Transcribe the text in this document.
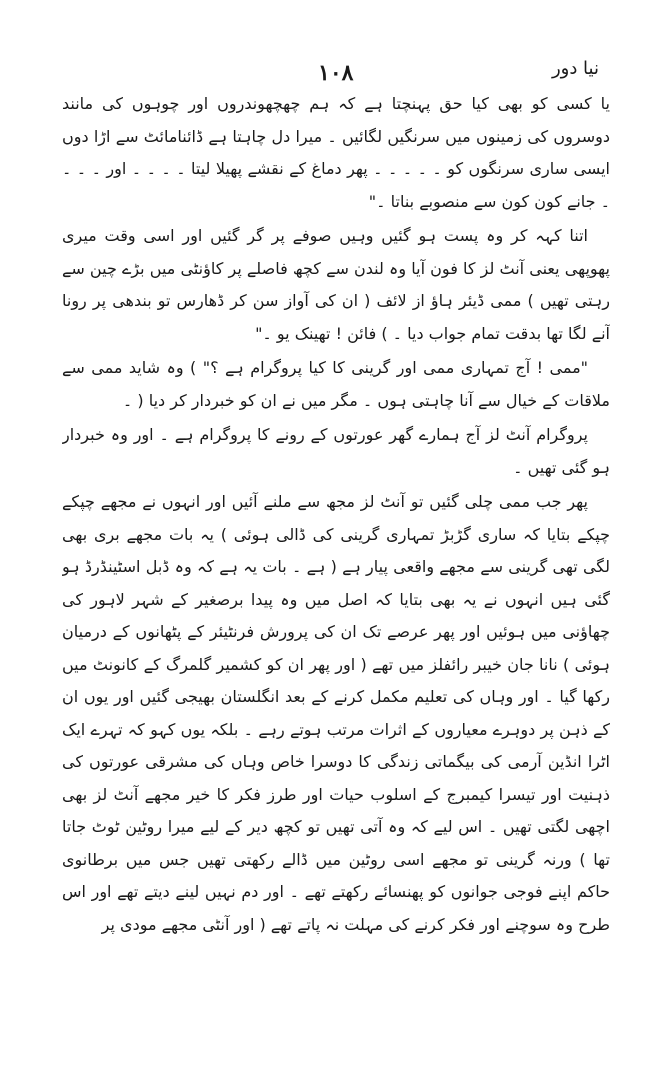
۱۰۸	نیا دور

یا کسی کو بھی کیا حق پہنچتا ہے کہ ہم چھچھوندروں اور چوہوں کی مانند دوسروں کی زمینوں میں سرنگیں لگائیں ۔ میرا دل چاہتا ہے ڈائنامائٹ سے اڑا دوں ایسی ساری سرنگوں کو ۔ ۔ ۔ ۔ ۔ پھر دماغ کے نقشے پھیلا لیتا ۔ ۔ ۔ ۔ اور ۔ ۔ ۔ ۔ جانے کون کون سے منصوبے بناتا ۔"

اتنا کہہ کر وہ پست ہو گئیں وہیں صوفے پر گر گئیں اور اسی وقت میری پھوپھی یعنی آنٹ لز کا فون آیا وہ لندن سے کچھ فاصلے پر کاؤنٹی میں بڑے چین سے رہتی تھیں ) ممی ڈیئر ہاؤ از لائف ( ان کی آواز سن کر ڈھارس تو بندھی پر رونا آنے لگا تھا بدقت تمام جواب دیا ۔ ) فائن ! تھینک یو ۔"

"ممی ! آج تمہاری ممی اور گرینی کا کیا پروگرام ہے ؟" ) وہ شاید ممی سے ملاقات کے خیال سے آنا چاہتی ہوں ۔ مگر میں نے ان کو خبردار کر دیا ( ۔

پروگرام آنٹ لز آج ہمارے گھر عورتوں کے رونے کا پروگرام ہے ۔ اور وہ خبردار ہو گئی تھیں ۔

پھر جب ممی چلی گئیں تو آنٹ لز مجھ سے ملنے آئیں اور انہوں نے مجھے چپکے چپکے بتایا کہ ساری گڑبڑ تمہاری گرینی کی ڈالی ہوئی ) یہ بات مجھے بری بھی لگی تھی گرینی سے مجھے واقعی پیار ہے ( ہے ۔ بات یہ ہے کہ وہ ڈبل اسٹینڈرڈ ہو گئی ہیں انہوں نے یہ بھی بتایا کہ اصل میں وہ پیدا برصغیر کے شہر لاہور کی چھاؤنی میں ہوئیں اور پھر عرصے تک ان کی پرورش فرنٹیئر کے پٹھانوں کے درمیان ہوئی ) نانا جان خیبر رائفلز میں تھے ( اور پھر ان کو کشمیر گلمرگ کے کانونٹ میں رکھا گیا ۔ اور وہاں کی تعلیم مکمل کرنے کے بعد انگلستان بھیجی گئیں اور یوں ان کے ذہن پر دوہرے معیاروں کے اثرات مرتب ہوتے رہے ۔ بلکہ یوں کہو کہ تہرے ایک اٹرا انڈین آرمی کی بیگماتی زندگی کا دوسرا خاص وہاں کی مشرقی عورتوں کی ذہنیت اور تیسرا کیمبرج کے اسلوب حیات اور طرز فکر کا خیر مجھے آنٹ لز بھی اچھی لگتی تھیں ۔ اس لیے کہ وہ آتی تھیں تو کچھ دیر کے لیے میرا روٹین ٹوٹ جاتا تھا ) ورنہ گرینی تو مجھے اسی روٹین میں ڈالے رکھتی تھیں جس میں برطانوی حاکم اپنے فوجی جوانوں کو پھنسائے رکھتے تھے ۔ اور دم نہیں لینے دیتے تھے اور اس طرح وہ سوچنے اور فکر کرنے کی مہلت نہ پاتے تھے ( اور آنٹی مجھے مودی پر
